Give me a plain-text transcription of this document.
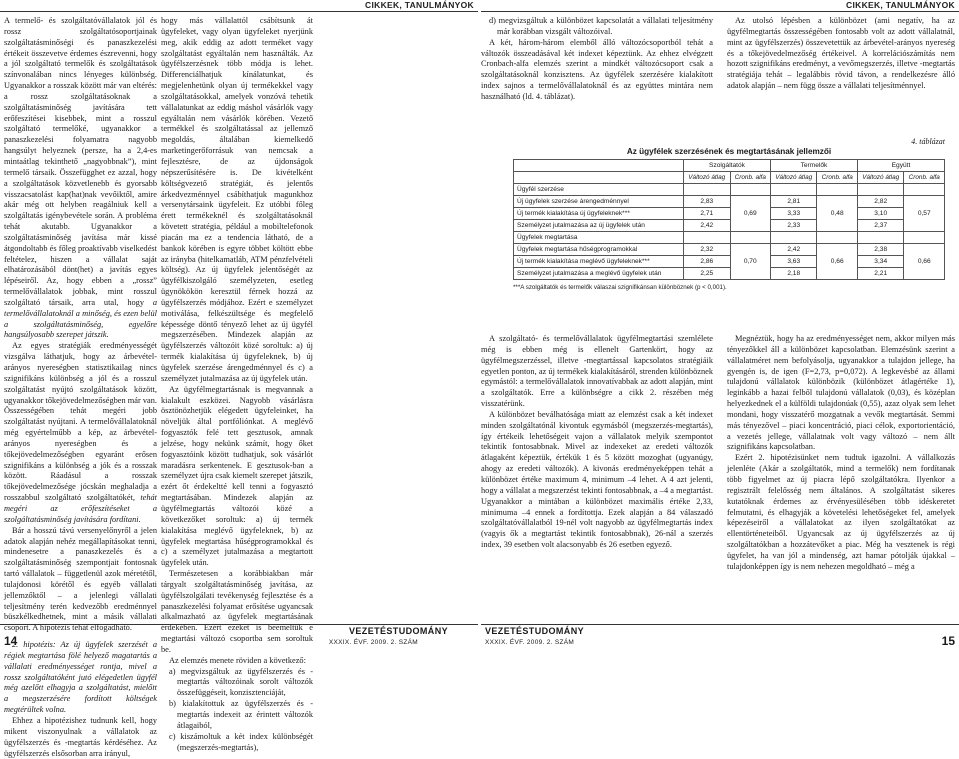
CIKKEK, TANULMÁNYOK

A termelő- és szolgáltatóvállalatok jól és rossz szolgáltatósoportjainak szolgáltatásminőségi és panaszkezelési értékeit összevetve érdemes észrevenni, hogy a jól szolgáltató termelők és szolgáltatások színvonalában nincs lényeges különbség. Ugyanakkor a rosszak között már van eltérés: a rossz szolgáltatásoknak a szolgáltatásminőség javítására tett erőfeszítései kisebbek, mint a rosszul szolgáltató termelőké, ugyanakkor a panaszkezelési folyamatra nagyobb hangsúlyt helyeznek (persze, ha a 2,4-es mintaátlag tekinthető „nagyobbnak”), mint termelő társaik. Összefügghet ez azzal, hogy a szolgáltatások közvetlenebb és gyorsabb visszacsatolást kap(hat)nak vevőiktől, amire akár még ott helyben reagálniuk kell a szolgáltatás igénybevétele során. A probléma tehát akutabb. Ugyanakkor a szolgáltatásminőség javítása már kissé átgondoltabb és főleg proaktívabb viselkedést feltételez, hiszen a vállalat saját elhatározásából dönt(het) a javítás egyes lépéseiről. Az, hogy ebben a „rossz” termelővállalatok jobbak, mint rosszul szolgáltató társaik, arra utal, hogy a termelővállalatoknál a minőség, és ezen belül a szolgáltatásminőség, egyelőre hangsúlyosabb szerepet játszik.

Az egyes stratégiák eredményességét vizsgálva láthatjuk, hogy az árbevétel-arányos nyereségben statisztikailag nincs szignifikáns különbség a jól és a rosszul szolgáltatást nyújtó szolgáltatások között, ugyanakkor tőkejövedelmezőségben már van. Összességében tehát megéri jobb szolgáltatást nyújtani. A termelővállalatoknál még egyértelműbb a kép, az árbevétel-arányos nyereségben és a tőkejövedelmezőségben egyaránt erősen szignifikáns a különbség a jók és a rosszak között. Ráadásul a rosszak tőkejövedelmezősége jócskán meghaladja a rosszabbul szolgáltató szolgáltatókét, tehát megéri az erőfeszítéseket a szolgáltatásminőség javítására fordítani.

Bár a hosszú távú versenyelőnyről a jelen adatok alapján nehéz megállapításokat tenni, mindenesetre a panaszkezelés és a szolgáltatásminőség szempontjait fontosnak tartó vállalatok – függetlenül azok méretétől, tulajdonosi körétől és egyéb vállalati jellemzőktől – a jelenlegi vállalati teljesítmény terén kedvezőbb eredménnyel büszkélkedhetnek, mint a másik vállalati csoport. A hipotézis tehát elfogadható.

2. hipotézis: Az új ügyfelek szerzését a régiek megtartása fölé helyező magatartás a vállalati eredményességet rontja, mivel a rossz szolgáltatóként jutó elégedetlen ügyfél még azelőtt elhagyja a szolgáltatást, mielőtt a megszerzésére fordított költségek megtérültek volna.

Ehhez a hipotézishez tudnunk kell, hogy mikent viszonyulnak a vállalatok az ügyfélszerzés és -megtartás kérdéséhez. Az ügyfélszerzés elsősorban arra irányul,

hogy más vállalattól csábítsunk át ügyfeleket, vagy olyan ügyfeleket nyerjünk meg, akik eddig az adott terméket vagy szolgáltatást egyáltalán nem használták. Az ügyfélszerzésnek több módja is lehet. Differenciálhatjuk kínálatunkat, és megjelenhetünk olyan új termékekkel vagy szolgáltatásokkal, amelyek vonzóvá tehetik vállalatunkat az eddig máshol vásárlók vagy egyáltalán nem vásárlók körében. Vezető termékkel és szolgáltatással az jellemző megoldás, általában kiemelkedő marketingerőforrásuk van nemcsak a fejlesztésre, de az újdonságok népszerűsítésére is. De kivételként költségvezető stratégiát, és jelentős árkedvezménnyel csábíthatjuk magunkhoz versenytársaink ügyfeleit. Ez utóbbi főleg érett termékeknél és szolgáltatásoknál követett stratégia, például a mobiltelefonok piacán ma ez a tendencia látható, de a bankok körében is egyre többet költött ebbe az irányba (hitelkamatláb, ATM pénzfelvételi költség). Az új ügyfelek jelentőségét az ügyfélkiszolgáló személyzeten, esetleg ügynökökön keresztül férnek hozzá az ügyfélszerzés módjához. Ezért e személyzet motiválása, felkészültsége és megfelelő képessége döntő tényező lehet az új ügyfél megszerzésében. Mindezek alapján az ügyfélszerzés változóit közé soroltuk: a) új termék kialakítása új ügyfeleknek, b) új ügyfelek szerzése árengedménnyel és c) a személyzet jutalmazása az új ügyfelek után.

Az ügyfélmegtartásnak is megvannak a kialakult eszközei. Nagyobb vásárlásra ösztönözhetjük elégedett ügyfeleinket, ha növeljük által portfóliónkat. A meglévő fogyasztók felé tett gesztusok, amnak jelzése, hogy nekünk számít, hogy őket fogyasztóink között tudhatjuk, sok vásárlót maradásra serkentenek. E gesztusok-ban a személyzet újra csak kiemelt szerepet játszik, ezért őt érdekeltté kell tenni a fogyasztó megtartásában. Mindezek alapján az ügyfélmegtartás változói közé a következőket soroltuk: a) új termék kialakítása meglévő ügyfeleknek, b) az ügyfelek megtartása hűségprogramokkal és c) a személyzet jutalmazása a megtartott ügyfelek után.

Természetesen a korábbiakban már tárgyalt szolgáltatásminőség javítása, az ügyfélszolgálati tevékenység fejlesztése és a panaszkezelési folyamat erősítése ugyancsak alkalmazható az ügyfelek megtartásának érdekében. Ezért ezeket is beemeltük e megtartási változó csoportba sem soroltuk be.

Az elemzés menete röviden a következő:

a) megvizsgáltuk az ügyfélszerzés és -megtartás változóinak sorolt változók összefüggéseit, konzisztenciáját,

b) kialakítottuk az ügyfélszerzés és -megtartás indexeit az érintett változók átlagaiból,

c) kiszámoltuk a két index különbségét (megszerzés-megtartás),

14
VEZETÉSTUDOMÁNY
XXXIX. ÉVF. 2009. 2. SZÁM
CIKKEK, TANULMÁNYOK

d) megvizsgáltuk a különbözet kapcsolatát a vállalati teljesítmény már korábban vizsgált változóival.

A két, három-három elemből álló változócsoportból tehát a változók összeadásával két indexet képeztünk. Az ehhez elvégzett Cronbach-alfa elemzés szerint a mindkét változócsoport csak a szolgáltatásoknál konzisztens. Az ügyfélek szerzésére kialakított index sajnos a termelővállalatoknál és az együttes mintára nem használható (ld. 4. táblázat).

Az utolsó lépésben a különbözet (ami negatív, ha az ügyfélmegtartás összességében fontosabb volt az adott vállalatnál, mint az ügyfélszerzés) összevetettük az árbevétel-arányos nyereség és a tőkejövedelmezőség értékeivel. A korrelációszámítás nem hozott szignifikáns eredményt, a vevőmegszerzés, illetve -megtartás stratégiája tehát – legalábbis rövid távon, a rendelkezésre álló adatok alapján – nem függ össze a vállalati teljesítménnyel.

4. táblázat
Az ügyfélek szerzésének és megtartásának jellemzői
	Szolgáltatók		Termelők		Együtt	
	Változó átlag	Cronb. alfa	Változó átlag	Cronb. alfa	Változó átlag	Cronb. alfa
Ügyfél szerzése						
Új ügyfelek szerzése árengedménnyel	2,83	0,69	2,81	0,48	2,82	0,57
Új termék kialakítása új ügyfeleknek***	2,71		3,33		3,10	
Személyzet jutalmazása az új ügyfelek után	2,42		2,33		2,37	
Ügyfelek megtartása						
Ügyfelek megtartása hűségprogramokkal	2,32	0,70	2,42	0,66	2,38	0,66
Új termék kialakítása meglévő ügyfeleknek***	2,86		3,63		3,34	
Személyzet jutalmazása a meglévő ügyfelek után	2,25		2,18		2,21	
***A szolgáltatók és termelők válaszai szignifikánsan különböznek (p < 0,001).

A szolgáltató- és termelővállalatok ügyfélmegtartási szemlélete még is ebben még is ellenelt Gartenkört, hogy az ügyfélmegszerzéssel, illetve -megtartással kapcsolatos stratégiáik egyetlen ponton, az új termékek kialakításáról, strenden különböznek egymástól: a termelővállalatok innovatívabbak az adott alapján, mint a szolgáltatók. Erre a különbségre a cikk 2. részében még visszatérünk.

A különbözet beválhatósága miatt az elemzést csak a két indexet minden szolgáltatónál kivontuk egymásból (megszerzés-megtartás), így értékeik lehetőségeit vajon a vállalatok melyik szempontot tekintik fontosabbnak. Mivel az indexeket az eredeti változók átlagaként képeztük, értékük 1 és 5 között mozoghat (ugyanúgy, ahogy az eredeti változók). A kivonás eredményeképpen tehát a különbözet értéke maximum 4, minimum –4 lehet. A 4 azt jelenti, hogy a vállalat a megszerzést tekinti fontosabbnak, a –4 a megtartást. Ugyanakkor a mintában a különbözet maximális értéke 2,33, minimuma –4 ennek a fordítottja. Ezek alapján a 84 válaszadó szolgáltatóvállalatból 19-nél volt nagyobb az ügyfélmegtartás index (vagyis ők a megtartást tekintik fontosabbnak), 26-nál a szerzés index, 39 esetben volt alacsonyabb és 26 esetben egyező.

Megnéztük, hogy ha az eredményességet nem, akkor milyen más tényezőkkel áll a különbözet kapcsolatban. Elemzésünk szerint a vállalatméret nem befolyásolja, ugyanakkor a tulajdon jellege, ha gyengén is, de igen (F=2,73, p=0,072). A legkevésbé az állami tulajdonú vállalatok különbözik (különbözet átlagértéke 1), leginkább a hazai felből tulajdonú vállalatok (0,03), és középlan helyezkednek el a külföldi tulajdonúak (0,55), azaz olyak sem lehet mondani, hogy visszatérő mozgatnak a vevők megtartását. Semmi más tényezővel – piaci koncentráció, piaci célok, exportorientáció, a vezetés jellege, vállalatnak volt vagy változó – nem állt szignifikáns kapcsolatban.

Ezért 2. hipotézisünket nem tudtuk igazolni. A vállalkozás jelenléte (Akár a szolgáltatók, mind a termelők) nem fordítanak több figyelmet az új piacra lépő szolgáltatókra. Ilyenkor a regisztrált felelősség nem általános. A szolgáltatást sikeres kutatóknak érdemes az érvényesülésében több idéskeretet felmutatni, és elhagyják a követelési lehetőségeket fel, amelyek képezéseiről a vállalatokat az ilyen szolgáltatókat az ellentörténeteiből. Ugyancsak az új ügyfélszerzés az új szolgáltatókban a hozzátevőket a piac. Még ha vesztenek is régi ügyfelet, ha van jól a mindenség, azt hamar pótolják újakkal – tulajdonképpen így is nem nehezen megoldható – még a

VEZETÉSTUDOMÁNY
XXXIX. ÉVF. 2009. 2. SZÁM	15
